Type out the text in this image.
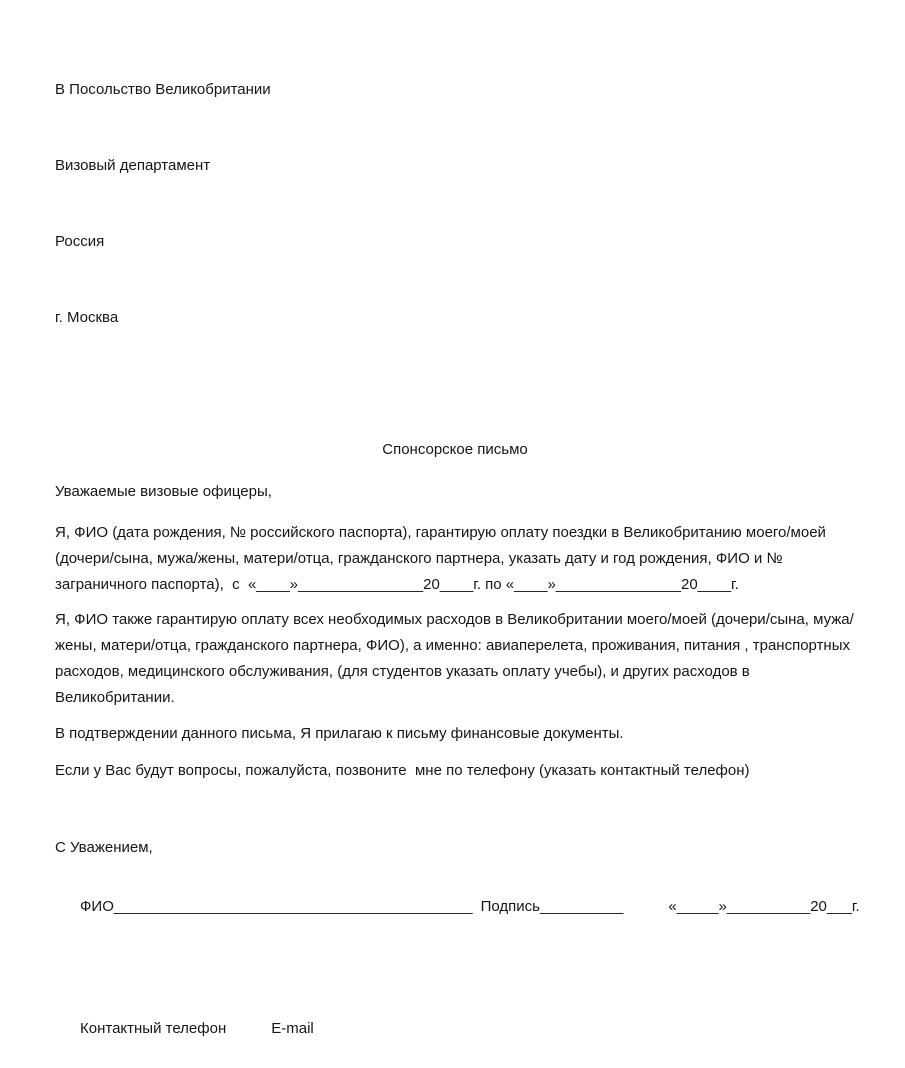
В Посольство Великобритании

Визовый департамент

Россия

г. Москва

Спонсорское письмо
Уважаемые визовые офицеры,

Я, ФИО (дата рождения, № российского паспорта), гарантирую оплату поездки в Великобританию моего/моей (дочери/сына, мужа/жены, матери/отца, гражданского партнера, указать дату и год рождения, ФИО и № заграничного паспорта),  с  «____»_______________20____г. по «____»_______________20____г.

Я, ФИО также гарантирую оплату всех необходимых расходов в Великобритании моего/моей (дочери/сына, мужа/жены, матери/отца, гражданского партнера, ФИО), а именно: авиаперелета, проживания, питания , транспортных расходов, медицинского обслуживания, (для студентов указать оплату учебы), и других расходов в Великобритании.

В подтверждении данного письма, Я прилагаю к письму финансовые документы.

Если у Вас будут вопросы, пожалуйста, позвоните  мне по телефону (указать контактный телефон)

С Уважением,

ФИО___________________________________________ Подпись__________	«_____»__________20___г.

Контактный телефон	E-mail
